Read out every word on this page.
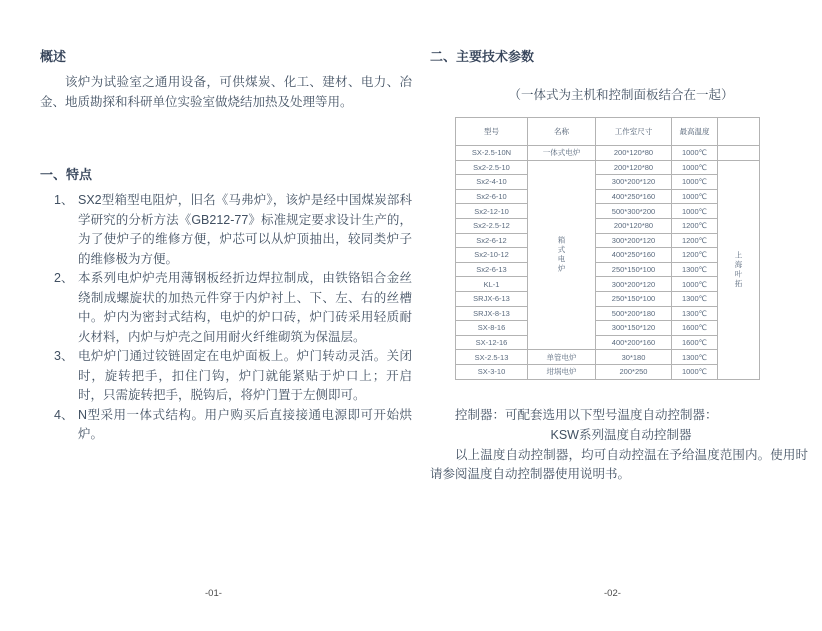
概述

该炉为试验室之通用设备，可供煤炭、化工、建材、电力、冶金、地质勘探和科研单位实验室做烧结加热及处理等用。

一、特点
1、 SX2型箱型电阻炉，旧名《马弗炉》，该炉是经中国煤炭部科学研究的分析方法《GB212-77》标准规定要求设计生产的，为了使炉子的维修方便，炉芯可以从炉顶抽出，较同类炉子的维修极为方便。
2、 本系列电炉炉壳用薄钢板经折边焊拉制成，由铁铬铝合金丝绕制成螺旋状的加热元件穿于内炉衬上、下、左、右的丝槽中。炉内为密封式结构，电炉的炉口砖，炉门砖采用轻质耐火材料，内炉与炉壳之间用耐火纤维砌筑为保温层。
3、 电炉炉门通过铰链固定在电炉面板上。炉门转动灵活。关闭时，旋转把手，扣住门钩，炉门就能紧贴于炉口上；开启时，只需旋转把手，脱钩后，将炉门置于左侧即可。
4、 N型采用一体式结构。用户购买后直接接通电源即可开始烘炉。
二、主要技术参数

（一体式为主机和控制面板结合在一起）

型号	名称	工作室尺寸	最高温度	
SX-2.5-10N	一体式电炉	200*120*80	1000℃	
Sx2-2.5-10	箱式电炉	200*120*80	1000℃	上海叶拓
Sx2-4-10		300*200*120	1000℃	
Sx2-6-10		400*250*160	1000℃	
Sx2-12-10		500*300*200	1000℃	
Sx2-2.5-12		200*120*80	1200℃	
Sx2-6-12		300*200*120	1200℃	
Sx2-10-12		400*250*160	1200℃	
Sx2-6-13		250*150*100	1300℃	
KL-1		300*200*120	1000℃	
SRJX-6-13		250*150*100	1300℃	
SRJX-8-13		500*200*180	1300℃	
SX-8-16		300*150*120	1600℃	
SX-12-16		400*200*160	1600℃	
SX-2.5-13	单管电炉	30*180	1300℃	
SX-3-10	坩埚电炉	200*250	1000℃	

控制器：可配套选用以下型号温度自动控制器：

KSW系列温度自动控制器

以上温度自动控制器，均可自动控温在予给温度范围内。使用时请参阅温度自动控制器使用说明书。

-01-	-02-
